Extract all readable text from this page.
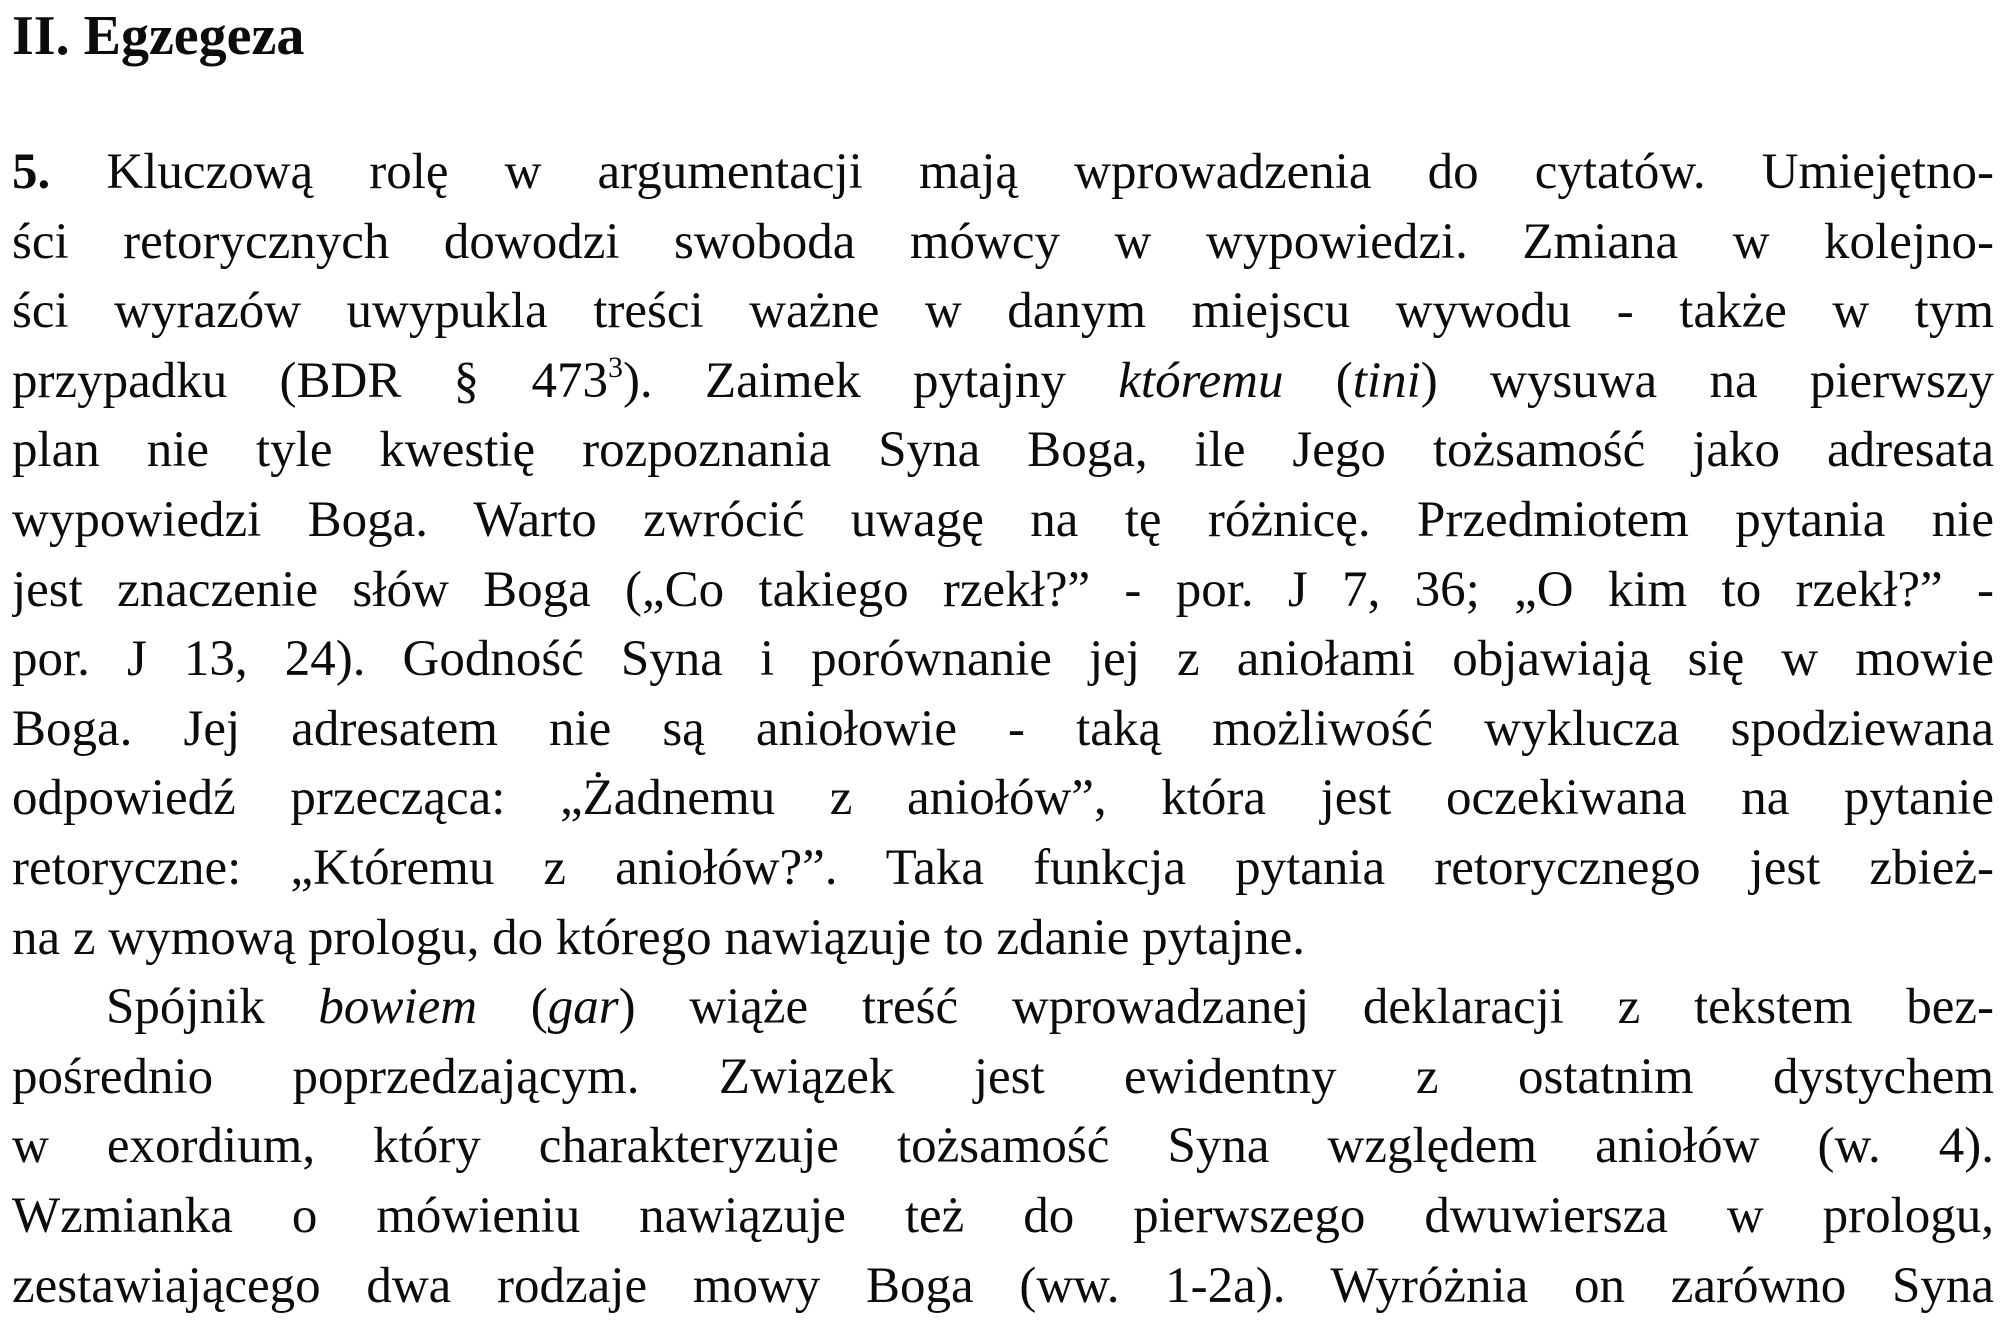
II. Egzegeza
5. Kluczową rolę w argumentacji mają wprowadzenia do cytatów. Umiejętno-
ści retorycznych dowodzi swoboda mówcy w wypowiedzi. Zmiana w kolejno-
ści wyrazów uwypukla treści ważne w danym miejscu wywodu - także w tym
przypadku (BDR § $473^3$). Zaimek pytajny któremu (tini) wysuwa na pierwszy
plan nie tyle kwestię rozpoznania Syna Boga, ile Jego tożsamość jako adresata
wypowiedzi Boga. Warto zwrócić uwagę na tę różnicę. Przedmiotem pytania nie
jest znaczenie słów Boga („Co takiego rzekł?” - por. J 7, 36; „O kim to rzekł?” -
por. J 13, 24). Godność Syna i porównanie jej z aniołami objawiają się w mowie
Boga. Jej adresatem nie są aniołowie - taką możliwość wyklucza spodziewana
odpowiedź przecząca: „Żadnemu z aniołów”, która jest oczekiwana na pytanie
retoryczne: „Któremu z aniołów?”. Taka funkcja pytania retorycznego jest zbież-
na z wymową prologu, do którego nawiązuje to zdanie pytajne.
Spójnik bowiem (gar) wiąże treść wprowadzanej deklaracji z tekstem bez-
pośrednio poprzedzającym. Związek jest ewidentny z ostatnim dystychem
w exordium, który charakteryzuje tożsamość Syna względem aniołów (w. 4).
Wzmianka o mówieniu nawiązuje też do pierwszego dwuwiersza w prologu,
zestawiającego dwa rodzaje mowy Boga (ww. 1-2a). Wyróżnia on zarówno Syna
